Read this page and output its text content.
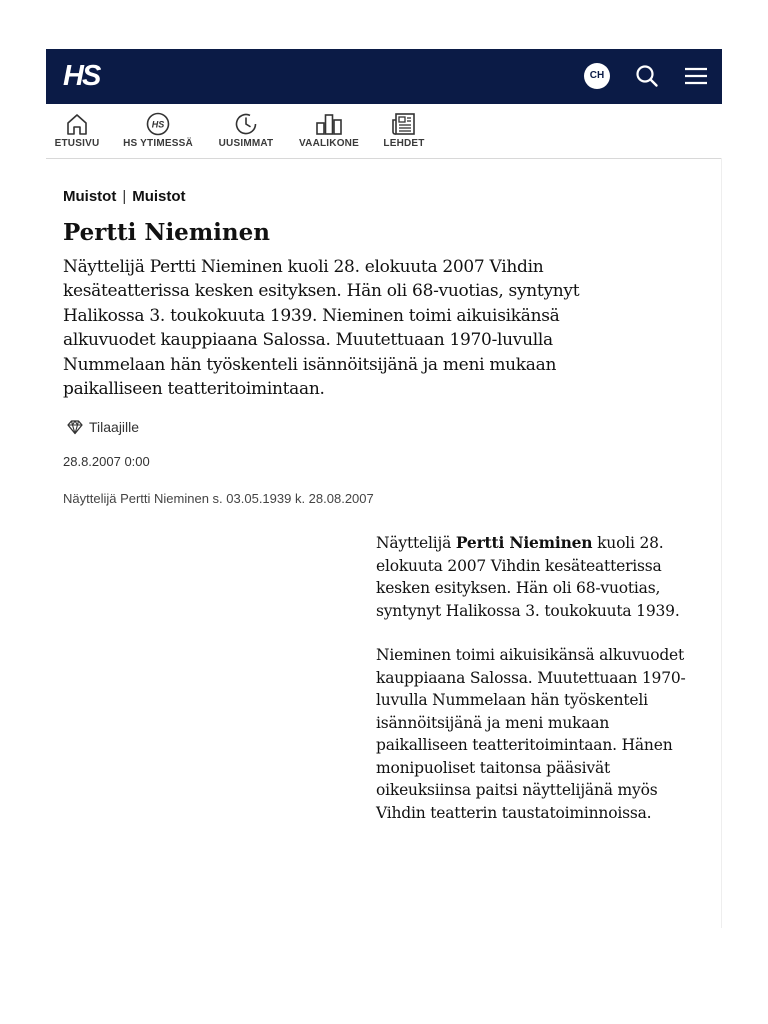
HS	CH
ETUSIVU
HS
HS YTIMESSÄ	UUSIMMAT	VAALIKONE	LEHDET
Muistot | Muistot
Pertti Nieminen

Näyttelijä Pertti Nieminen kuoli 28. elokuuta 2007 Vihdin kesäteatterissa kesken esityksen. Hän oli 68-vuotias, syntynyt Halikossa 3. toukokuuta 1939. Nieminen toimi aikuisikänsä alkuvuodet kauppiaana Salossa. Muutettuaan 1970-luvulla Nummelaan hän työskenteli isännöitsijänä ja meni mukaan paikalliseen teatteritoimintaan.

Tilaajille
28.8.2007 0:00
Näyttelijä Pertti Nieminen s. 03.05.1939 k. 28.08.2007

Näyttelijä Pertti Nieminen kuoli 28. elokuuta 2007 Vihdin kesäteatterissa kesken esityksen. Hän oli 68-vuotias, syntynyt Halikossa 3. toukokuuta 1939.

Nieminen toimi aikuisikänsä alkuvuodet kauppiaana Salossa. Muutettuaan 1970-luvulla Nummelaan hän työskenteli isännöitsijänä ja meni mukaan paikalliseen teatteritoimintaan. Hänen monipuoliset taitonsa pääsivät oikeuksiinsa paitsi näyttelijänä myös Vihdin teatterin taustatoiminnoissa.
